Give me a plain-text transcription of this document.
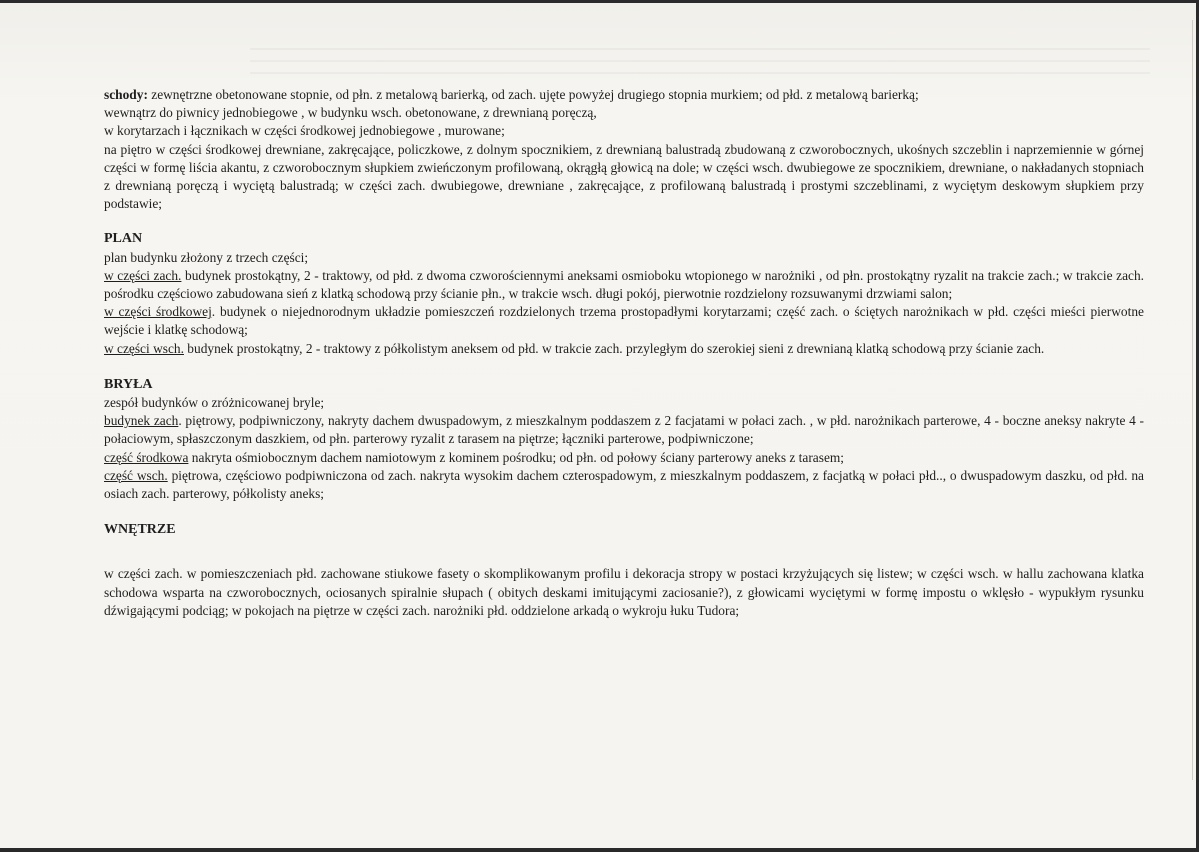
schody: zewnętrzne obetonowane stopnie, od płn. z metalową barierką, od zach. ujęte powyżej drugiego stopnia murkiem; od płd. z metalową barierką;

wewnątrz do piwnicy jednobiegowe , w budynku wsch. obetonowane, z drewnianą poręczą,

w korytarzach i łącznikach w części środkowej jednobiegowe , murowane;

na piętro w części środkowej drewniane, zakręcające, policzkowe, z dolnym spocznikiem, z drewnianą balustradą zbudowaną z czworobocznych, ukośnych szczeblin i naprzemiennie w górnej części w formę liścia akantu, z czworobocznym słupkiem zwieńczonym profilowaną, okrągłą głowicą na dole; w części wsch. dwubiegowe ze spocznikiem, drewniane, o nakładanych stopniach z drewnianą poręczą i wyciętą balustradą; w części zach. dwubiegowe, drewniane , zakręcające, z profilowaną balustradą i prostymi szczeblinami, z wyciętym deskowym słupkiem przy podstawie;

PLAN

plan budynku złożony z trzech części;

w części zach. budynek prostokątny, 2 - traktowy, od płd. z dwoma czworościennymi aneksami osmioboku wtopionego w narożniki , od płn. prostokątny ryzalit na trakcie zach.; w trakcie zach. pośrodku częściowo zabudowana sień z klatką schodową przy ścianie płn., w trakcie wsch. długi pokój, pierwotnie rozdzielony rozsuwanymi drzwiami salon;

w części środkowej. budynek o niejednorodnym układzie pomieszczeń rozdzielonych trzema prostopadłymi korytarzami; część zach. o ściętych narożnikach w płd. części mieści pierwotne wejście i klatkę schodową;

w części wsch. budynek prostokątny, 2 - traktowy z półkolistym aneksem od płd. w trakcie zach. przyległym do szerokiej sieni z drewnianą klatką schodową przy ścianie zach.

BRYŁA

zespół budynków o zróżnicowanej bryle;

budynek zach. piętrowy, podpiwniczony, nakryty dachem dwuspadowym, z mieszkalnym poddaszem z 2 facjatami w połaci zach. , w płd. narożnikach parterowe, 4 - boczne aneksy nakryte 4 - połaciowym, spłaszczonym daszkiem, od płn. parterowy ryzalit z tarasem na piętrze; łączniki parterowe, podpiwniczone;

część środkowa nakryta ośmiobocznym dachem namiotowym z kominem pośrodku; od płn. od połowy ściany parterowy aneks z tarasem;

część wsch. piętrowa, częściowo podpiwniczona od zach. nakryta wysokim dachem czterospadowym, z mieszkalnym poddaszem, z facjatką w połaci płd.., o dwuspadowym daszku, od płd. na osiach zach. parterowy, półkolisty aneks;

WNĘTRZE

w części zach. w pomieszczeniach płd. zachowane stiukowe fasety o skomplikowanym profilu i dekoracja stropy w postaci krzyżujących się listew; w części wsch. w hallu zachowana klatka schodowa wsparta na czworobocznych, ociosanych spiralnie słupach ( obitych deskami imitującymi zaciosanie?), z głowicami wyciętymi w formę impostu o wklęsło - wypukłym rysunku dźwigającymi podciąg; w pokojach na piętrze w części zach. narożniki płd. oddzielone arkadą o wykroju łuku Tudora;
